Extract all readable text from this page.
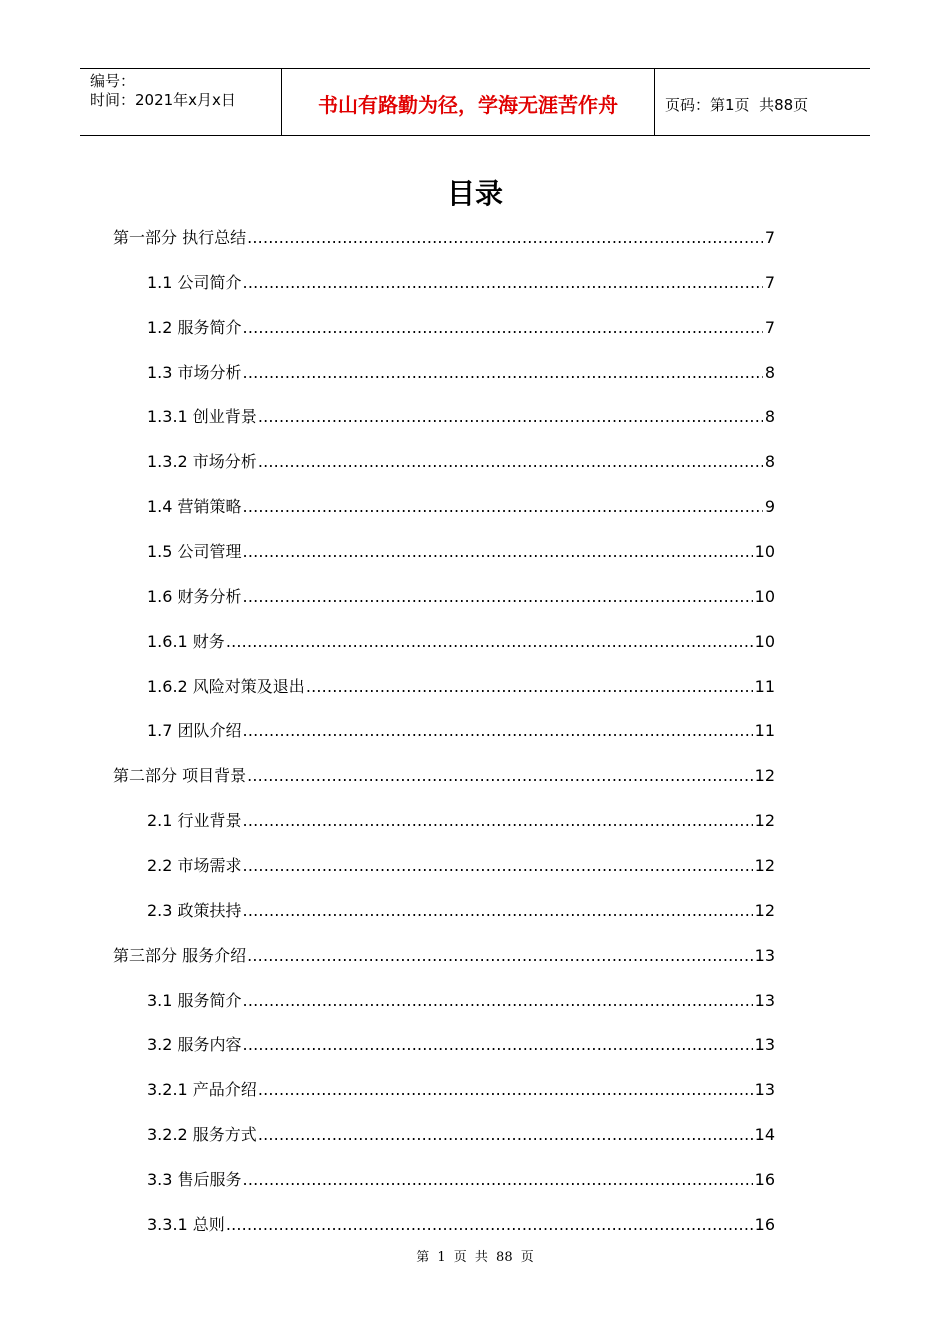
编号：
时间：2021年x月x日	书山有路勤为径，学海无涯苦作舟	页码：第1页  共88页
目录
第一部分 执行总结 .....	7
1.1 公司简介 .....	7
1.2 服务简介 .....	7
1.3 市场分析 .....	8
1.3.1 创业背景 .....	8
1.3.2 市场分析 .....	8
1.4 营销策略 .....	9
1.5 公司管理 .....	10
1.6 财务分析 .....	10
1.6.1 财务 .....	10
1.6.2 风险对策及退出 .....	11
1.7 团队介绍 .....	11
第二部分 项目背景 .....	12
2.1 行业背景 .....	12
2.2 市场需求 .....	12
2.3 政策扶持 .....	12
第三部分 服务介绍 .....	13
3.1 服务简介 .....	13
3.2 服务内容 .....	13
3.2.1 产品介绍 .....	13
3.2.2 服务方式 .....	14
3.3 售后服务 .....	16
3.3.1 总则 .....	16
第 1 页 共 88 页
